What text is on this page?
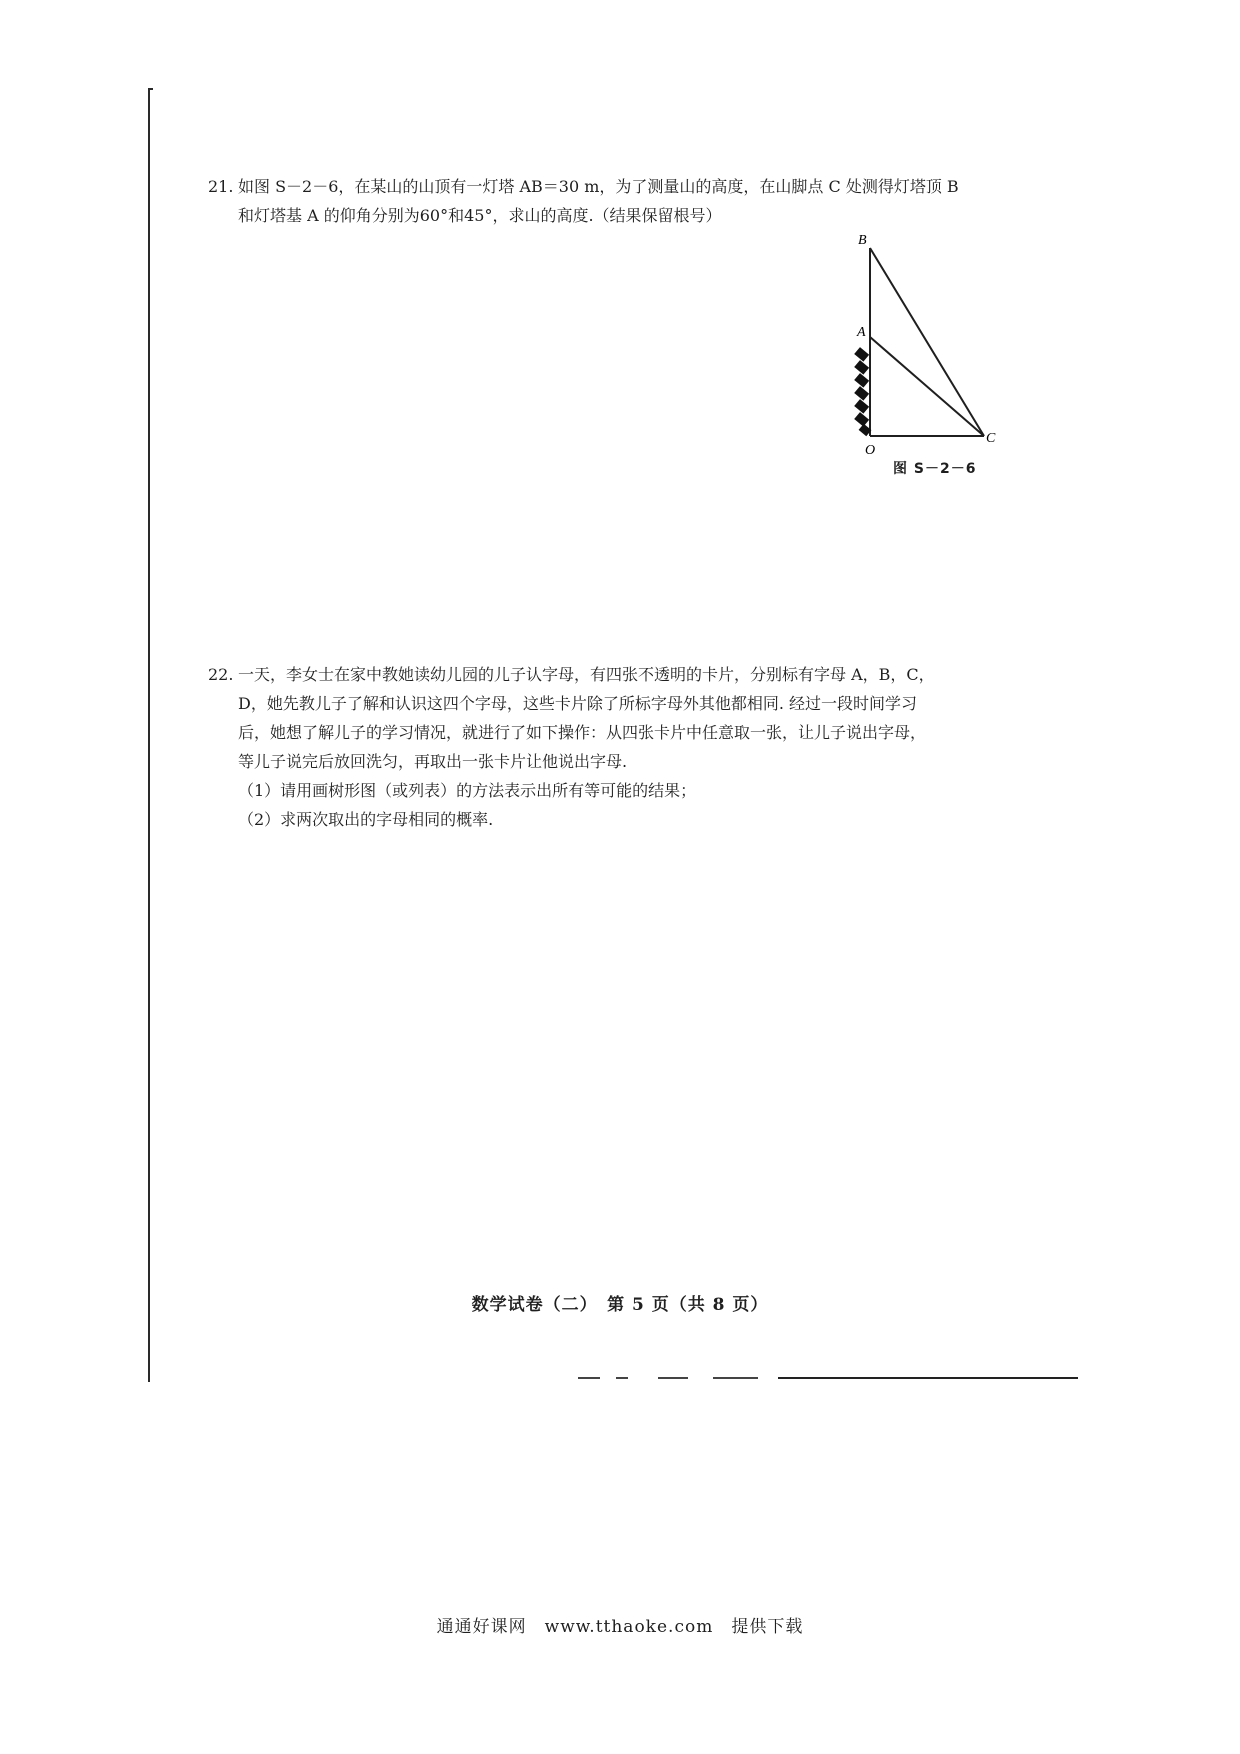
21. 如图 S－2－6，在某山的山顶有一灯塔 AB＝30 m，为了测量山的高度，在山脚点 C 处测得灯塔顶 B
和灯塔基 A 的仰角分别为60°和45°，求山的高度.（结果保留根号）
B
A
O
C
图 S－2－6
22. 一天，李女士在家中教她读幼儿园的儿子认字母，有四张不透明的卡片，分别标有字母 A，B，C，
D，她先教儿子了解和认识这四个字母，这些卡片除了所标字母外其他都相同. 经过一段时间学习
后，她想了解儿子的学习情况，就进行了如下操作：从四张卡片中任意取一张，让儿子说出字母，
等儿子说完后放回洗匀，再取出一张卡片让他说出字母.
（1）请用画树形图（或列表）的方法表示出所有等可能的结果；
（2）求两次取出的字母相同的概率.
数学试卷（二）　第 5 页（共 8 页）
通通好课网　www.tthaoke.com　提供下载
